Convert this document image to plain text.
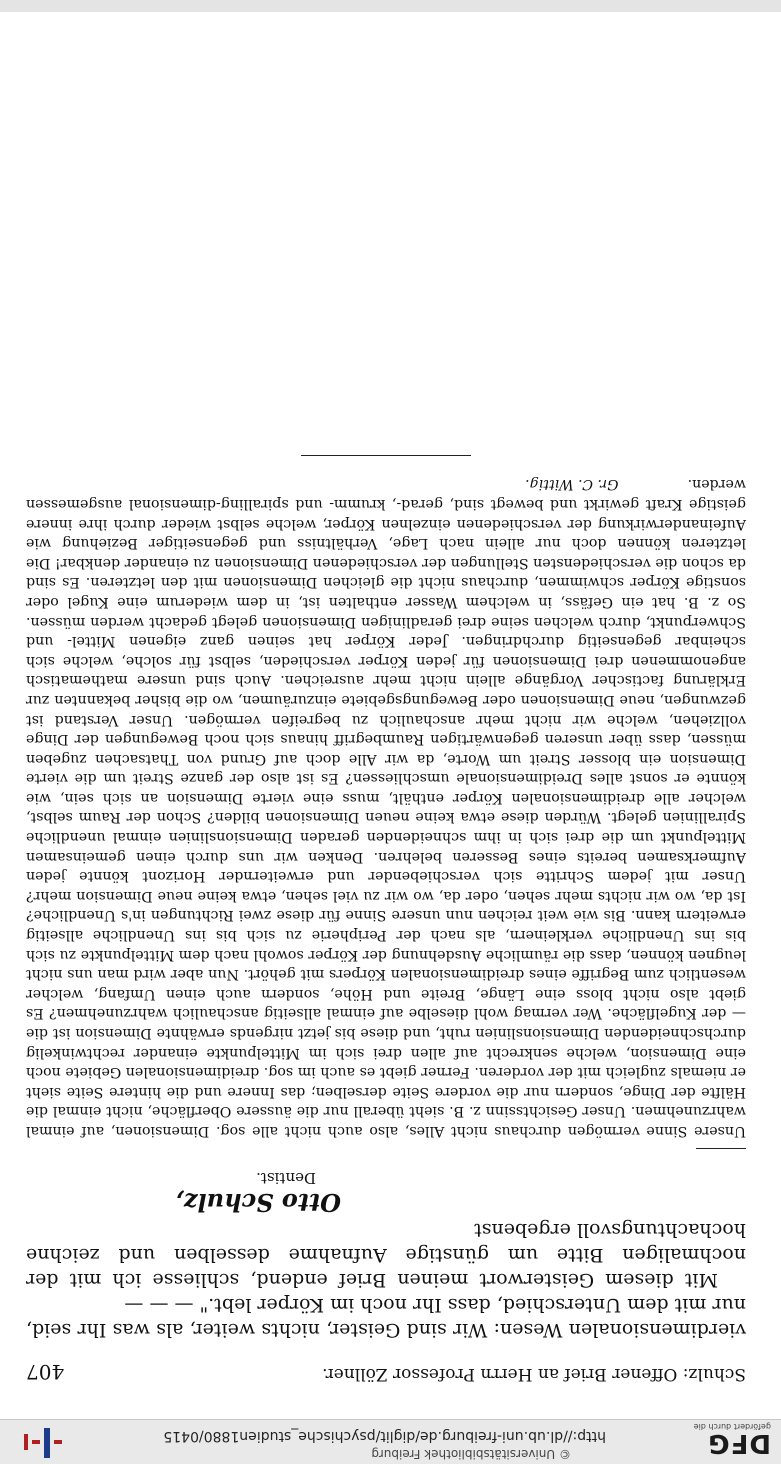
DFG
gefördert durch die
© Universitätsbibliothek Freiburg
http://dl.ub.uni-freiburg.de/diglit/psychische_studien1880/0415
Schulz: Offener Brief an Herrn Professor Zöllner.
407

vierdimensionalen Wesen: Wir sind Geister, nichts weiter, als was Ihr seid, nur mit dem Unterschied, dass Ihr noch im Körper lebt." — — —

Mit diesem Geisterwort meinen Brief endend, schliesse ich mit der nochmaligen Bitte um günstige Aufnahme desselben und zeichne hochachtungsvoll ergebenst

Otto Schulz,
Dentist.
Unsere Sinne vermögen durchaus nicht Alles, also auch nicht alle sog. Dimensionen, auf einmal wahrzunehmen. Unser Gesichtssinn z. B. sieht überall nur die äussere Oberfläche, nicht einmal die Hälfte der Dinge, sondern nur die vordere Seite derselben; das Innere und die hintere Seite sieht er niemals zugleich mit der vorderen. Ferner giebt es auch im sog. dreidimensionalen Gebiete noch eine Dimension, welche senkrecht auf allen drei sich im Mittelpunkte einander rechtwinkelig durchschneidenden Dimensionslinien ruht, und diese bis jetzt nirgends erwähnte Dimension ist die — der Kugelfläche. Wer vermag wohl dieselbe auf einmal allseitig anschaulich wahrzunehmen? Es giebt also nicht bloss eine Länge, Breite und Höhe, sondern auch einen Umfang, welcher wesentlich zum Begriffe eines dreidimensionalen Körpers mit gehört. Nun aber wird man uns nicht leugnen können, dass die räumliche Ausdehnung der Körper sowohl nach dem Mittelpunkte zu sich bis ins Unendliche verkleinern, als nach der Peripherie zu sich bis ins Unendliche allseitig erweitern kann. Bis wie weit reichen nun unsere Sinne für diese zwei Richtungen in's Unendliche? Ist da, wo wir nichts mehr sehen, oder da, wo wir zu viel sehen, etwa keine neue Dimension mehr? Unser mit jedem Schritte sich verschiebender und erweiternder Horizont könnte jeden Aufmerksamen bereits eines Besseren belehren. Denken wir uns durch einen gemeinsamen Mittelpunkt um die drei sich in ihm schneidenden geraden Dimensionslinien einmal unendliche Spirallinien gelegt. Würden diese etwa keine neuen Dimensionen bilden? Schon der Raum selbst, welcher alle dreidimensionalen Körper enthält, muss eine vierte Dimension an sich sein, wie könnte er sonst alles Dreidimensionale umschliessen? Es ist also der ganze Streit um die vierte Dimension ein blosser Streit um Worte, da wir Alle doch auf Grund von Thatsachen zugeben müssen, dass über unseren gegenwärtigen Raumbegriff hinaus sich noch Bewegungen der Dinge vollziehen, welche wir nicht mehr anschaulich zu begreifen vermögen. Unser Verstand ist gezwungen, neue Dimensionen oder Bewegungsgebiete einzuräumen, wo die bisher bekannten zur Erklärung factischer Vorgänge allein nicht mehr ausreichen. Auch sind unsere mathematisch angenommenen drei Dimensionen für jeden Körper verschieden, selbst für solche, welche sich scheinbar gegenseitig durchdringen. Jeder Körper hat seinen ganz eigenen Mittel- und Schwerpunkt, durch welchen seine drei geradlinigen Dimensionen gelegt gedacht werden müssen. So z. B. hat ein Gefäss, in welchem Wasser enthalten ist, in dem wiederum eine Kugel oder sonstige Körper schwimmen, durchaus nicht die gleichen Dimensionen mit den letzteren. Es sind da schon die verschiedensten Stellungen der verschiedenen Dimensionen zu einander denkbar! Die letzteren können doch nur allein nach Lage, Verhältniss und gegenseitiger Beziehung wie Aufeinanderwirkung der verschiedenen einzelnen Körper, welche selbst wieder durch ihre innere geistige Kraft gewirkt und bewegt sind, gerad-, krumm- und spiralling-dimensional ausgemessen werden.  Gr. C. Wittig.
